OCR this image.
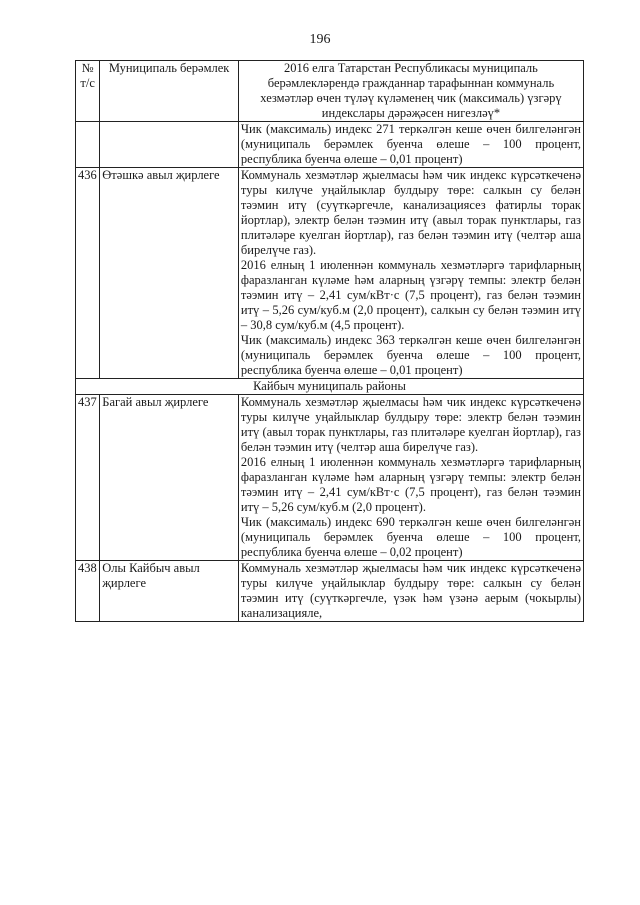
196
№ т/с	Муниципаль берәмлек	2016 елга Татарстан Республикасы муниципаль берәмлекләрендә гражданнар тарафыннан коммуналь хезмәтләр өчен түләү күләменең чик (максималь) үзгәрү индекслары дәрәҗәсен нигезләү*

		Чик (максималь) индекс 271 теркәлгән кеше өчен билгеләнгән (муниципаль берәмлек буенча өлеше – 100 процент, республика буенча өлеше – 0,01 процент)

436	Өтәшкә авыл җирлеге	Коммуналь хезмәтләр җыелмасы һәм чик индекс күрсәткеченә туры килүче уңайлыклар булдыру төре: салкын су белән тәэмин итү (суүткәргечле, канализациясез фатирлы торак йортлар), электр белән тәэмин итү (авыл торак пунктлары, газ плитәләре куелган йортлар), газ белән тәэмин итү (челтәр аша бирелүче газ).
2016 елның 1 июленнән коммуналь хезмәтләргә тарифларның фаразланган күләме һәм аларның үзгәрү темпы: электр белән тәэмин итү – 2,41 сум/кВт·с (7,5 процент), газ белән тәэмин итү – 5,26 сум/куб.м (2,0 процент), салкын су белән тәэмин итү – 30,8 сум/куб.м (4,5 процент).
Чик (максималь) индекс 363 теркәлгән кеше өчен билгеләнгән (муниципаль берәмлек буенча өлеше – 100 процент, республика буенча өлеше – 0,01 процент)

Кайбыч муниципаль районы		
437	Багай авыл җирлеге	Коммуналь хезмәтләр җыелмасы һәм чик индекс күрсәткеченә туры килүче уңайлыклар булдыру төре: электр белән тәэмин итү (авыл торак пунктлары, газ плитәләре куелган йортлар), газ белән тәэмин итү (челтәр аша бирелүче газ).
2016 елның 1 июленнән коммуналь хезмәтләргә тарифларның фаразланган күләме һәм аларның үзгәрү темпы: электр белән тәэмин итү – 2,41 сум/кВт·с (7,5 процент), газ белән тәэмин итү – 5,26 сум/куб.м (2,0 процент).
Чик (максималь) индекс 690 теркәлгән кеше өчен билгеләнгән (муниципаль берәмлек буенча өлеше – 100 процент, республика буенча өлеше – 0,02 процент)

438	Олы Кайбыч авыл җирлеге	Коммуналь хезмәтләр җыелмасы һәм чик индекс күрсәткеченә туры килүче уңайлыклар булдыру төре: салкын су белән тәэмин итү (суүткәргечле, үзәк һәм үзәнә аерым (чокырлы) канализацияле,
